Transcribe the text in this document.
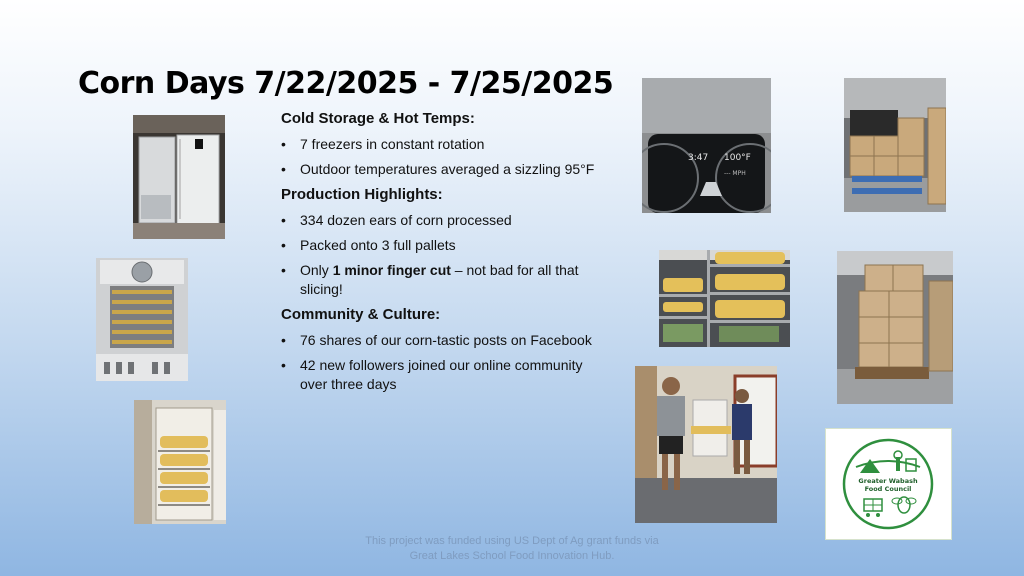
Corn Days 7/22/2025 - 7/25/2025
Cold Storage & Hot Temps:
• 7 freezers in constant rotation
• Outdoor temperatures averaged a sizzling 95°F
Production Highlights:
• 334 dozen ears of corn processed
• Packed onto 3 full pallets
• Only 1 minor finger cut – not bad for all that slicing!
Community & Culture:
• 76 shares of our corn-tastic posts on Facebook
• 42 new followers joined our online community over three days
3:47 100°F
--- MPH
Greater Wabash
Food Council
This project was funded using US Dept of Ag grant funds via
Great Lakes School Food Innovation Hub.
